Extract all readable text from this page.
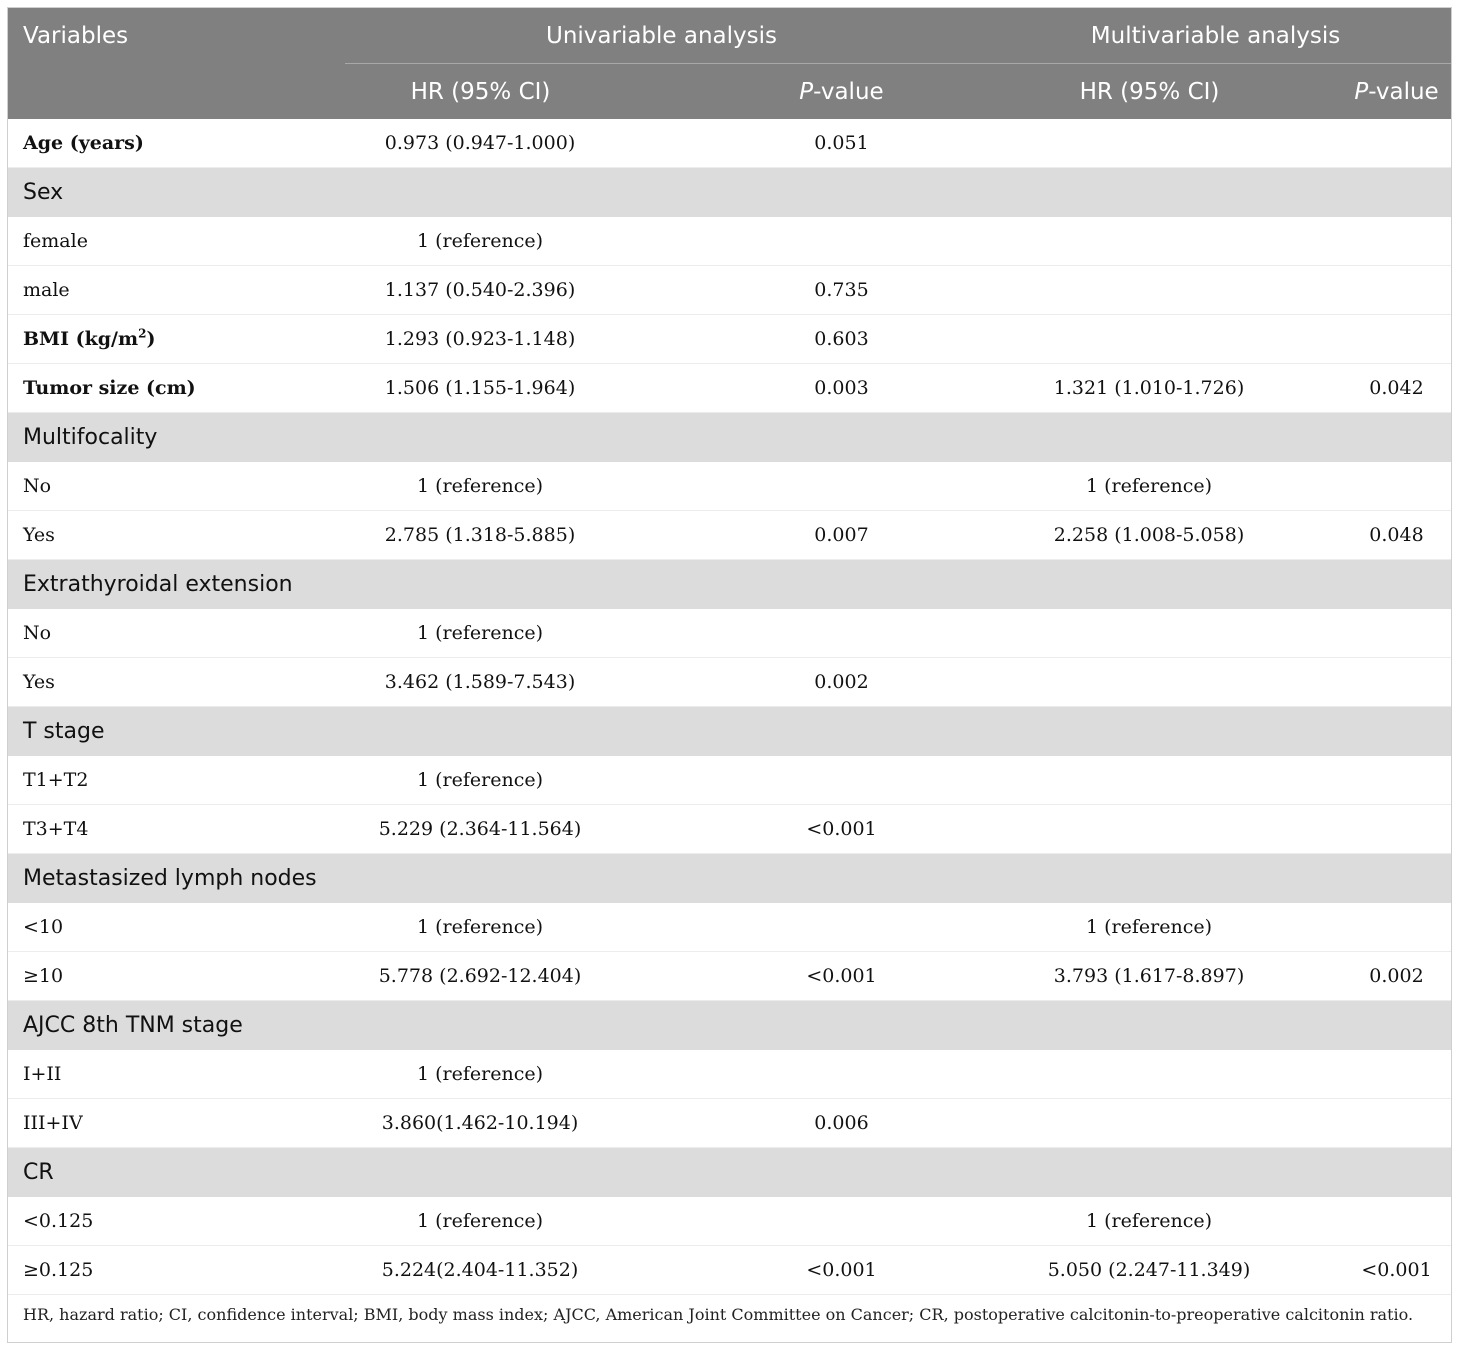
Variables	Univariable analysis		Multivariable analysis	
	HR (95% CI)	P-value	HR (95% CI)	P-value
Age (years)	0.973 (0.947-1.000)	0.051		
Sex				
female	1 (reference)			
male	1.137 (0.540-2.396)	0.735		
BMI $(kg/m^2)$	1.293 (0.923-1.148)	0.603		
Tumor size (cm)	1.506 (1.155-1.964)	0.003	1.321 (1.010-1.726)	0.042
Multifocality				
No	1 (reference)		1 (reference)	
Yes	2.785 (1.318-5.885)	0.007	2.258 (1.008-5.058)	0.048
Extrathyroidal extension				
No	1 (reference)			
Yes	3.462 (1.589-7.543)	0.002		
T stage				
T1+T2	1 (reference)			
T3+T4	5.229 (2.364-11.564)	<0.001		
Metastasized lymph nodes				
<10	1 (reference)		1 (reference)	
≥10	5.778 (2.692-12.404)	<0.001	3.793 (1.617-8.897)	0.002
AJCC 8th TNM stage				
I+II	1 (reference)			
III+IV	3.860(1.462-10.194)	0.006		
CR				
<0.125	1 (reference)		1 (reference)	
≥0.125	5.224(2.404-11.352)	<0.001	5.050 (2.247-11.349)	<0.001
HR, hazard ratio; CI, confidence interval; BMI, body mass index; AJCC, American Joint Committee on Cancer; CR, postoperative calcitonin-to-preoperative calcitonin ratio.
